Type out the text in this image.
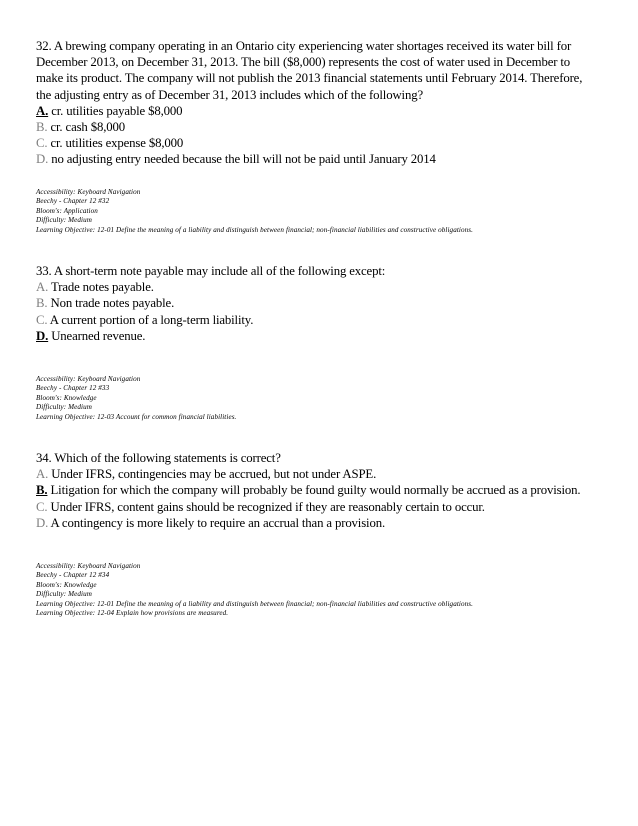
32. A brewing company operating in an Ontario city experiencing water shortages received its water bill for December 2013, on December 31, 2013. The bill ($8,000) represents the cost of water used in December to make its product. The company will not publish the 2013 financial statements until February 2014. Therefore, the adjusting entry as of December 31, 2013 includes which of the following?

A. cr. utilities payable $8,000

B. cr. cash $8,000

C. cr. utilities expense $8,000

D. no adjusting entry needed because the bill will not be paid until January 2014

Accessibility: Keyboard Navigation
Beechy - Chapter 12 #32
Bloom's: Application
Difficulty: Medium
Learning Objective: 12-01 Define the meaning of a liability and distinguish between financial; non-financial liabilities and constructive obligations.

33. A short-term note payable may include all of the following except:

A. Trade notes payable.

B. Non trade notes payable.

C. A current portion of a long-term liability.

D. Unearned revenue.

Accessibility: Keyboard Navigation
Beechy - Chapter 12 #33
Bloom's: Knowledge
Difficulty: Medium
Learning Objective: 12-03 Account for common financial liabilities.

34. Which of the following statements is correct?

A. Under IFRS, contingencies may be accrued, but not under ASPE.

B. Litigation for which the company will probably be found guilty would normally be accrued as a provision.

C. Under IFRS, content gains should be recognized if they are reasonably certain to occur.

D. A contingency is more likely to require an accrual than a provision.

Accessibility: Keyboard Navigation
Beechy - Chapter 12 #34
Bloom's: Knowledge
Difficulty: Medium
Learning Objective: 12-01 Define the meaning of a liability and distinguish between financial; non-financial liabilities and constructive obligations.
Learning Objective: 12-04 Explain how provisions are measured.
